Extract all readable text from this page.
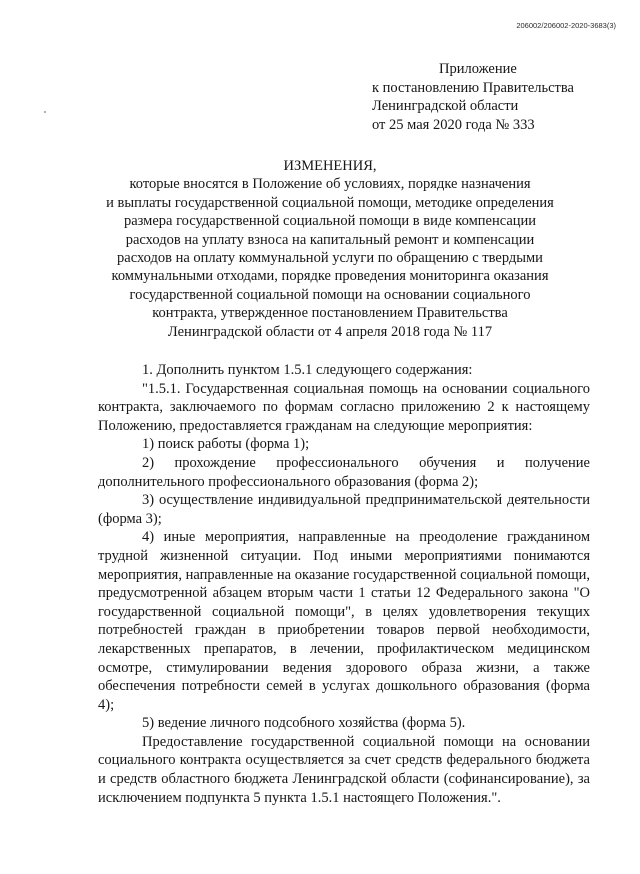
206002/206002-2020-3683(3)
Приложение
к постановлению Правительства
Ленинградской области
от 25 мая 2020 года № 333
ИЗМЕНЕНИЯ,
которые вносятся в Положение об условиях, порядке назначения
и выплаты государственной социальной помощи, методике определения
размера государственной социальной помощи в виде компенсации
расходов на уплату взноса на капитальный ремонт и компенсации
расходов на оплату коммунальной услуги по обращению с твердыми
коммунальными отходами, порядке проведения мониторинга оказания
государственной социальной помощи на основании социального
контракта, утвержденное постановлением Правительства
Ленинградской области от 4 апреля 2018 года № 117

1. Дополнить пунктом 1.5.1 следующего содержания:

"1.5.1. Государственная социальная помощь на основании социального контракта, заключаемого по формам согласно приложению 2 к настоящему Положению, предоставляется гражданам на следующие мероприятия:

1) поиск работы (форма 1);

2) прохождение профессионального обучения и получение дополнительного профессионального образования (форма 2);

3) осуществление индивидуальной предпринимательской деятельности (форма 3);

4) иные мероприятия, направленные на преодоление гражданином трудной жизненной ситуации. Под иными мероприятиями понимаются мероприятия, направленные на оказание государственной социальной помощи, предусмотренной абзацем вторым части 1 статьи 12 Федерального закона "О государственной социальной помощи", в целях удовлетворения текущих потребностей граждан в приобретении товаров первой необходимости, лекарственных препаратов, в лечении, профилактическом медицинском осмотре, стимулировании ведения здорового образа жизни, а также обеспечения потребности семей в услугах дошкольного образования (форма 4);

5) ведение личного подсобного хозяйства (форма 5).

Предоставление государственной социальной помощи на основании социального контракта осуществляется за счет средств федерального бюджета и средств областного бюджета Ленинградской области (софинансирование), за исключением подпункта 5 пункта 1.5.1 настоящего Положения.".
